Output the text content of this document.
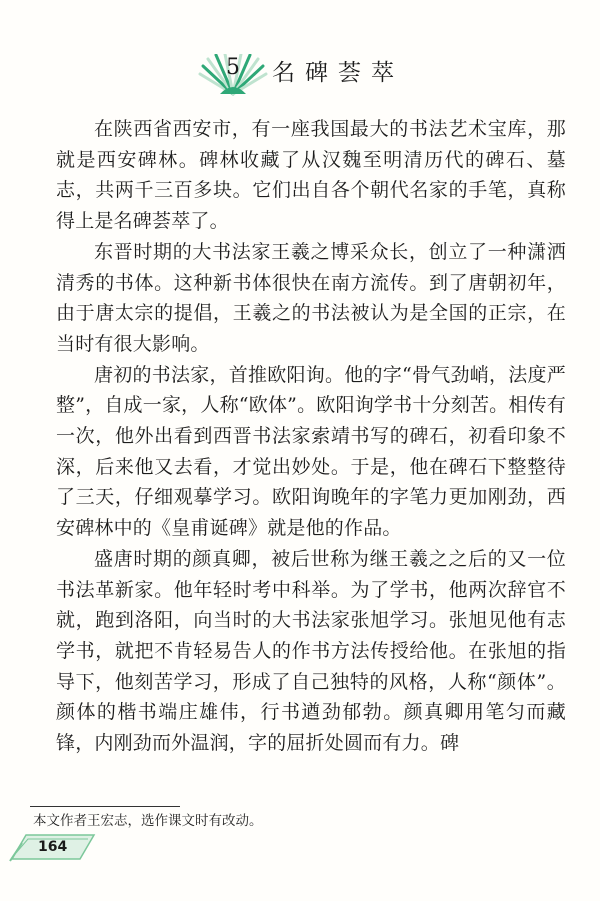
5 名碑荟萃

在陕西省西安市，有一座我国最大的书法艺术宝库，那就是西安碑林。碑林收藏了从汉魏至明清历代的碑石、墓志，共两千三百多块。它们出自各个朝代名家的手笔，真称得上是名碑荟萃了。

东晋时期的大书法家王羲之博采众长，创立了一种潇洒清秀的书体。这种新书体很快在南方流传。到了唐朝初年，由于唐太宗的提倡，王羲之的书法被认为是全国的正宗，在当时有很大影响。

唐初的书法家，首推欧阳询。他的字“骨气劲峭，法度严整”，自成一家，人称“欧体”。欧阳询学书十分刻苦。相传有一次，他外出看到西晋书法家索靖书写的碑石，初看印象不深，后来他又去看，才觉出妙处。于是，他在碑石下整整待了三天，仔细观摹学习。欧阳询晚年的字笔力更加刚劲，西安碑林中的《皇甫诞碑》就是他的作品。

盛唐时期的颜真卿，被后世称为继王羲之之后的又一位书法革新家。他年轻时考中科举。为了学书，他两次辞官不就，跑到洛阳，向当时的大书法家张旭学习。张旭见他有志学书，就把不肯轻易告人的作书方法传授给他。在张旭的指导下，他刻苦学习，形成了自己独特的风格，人称“颜体”。颜体的楷书端庄雄伟，行书遒劲郁勃。颜真卿用笔匀而藏锋，内刚劲而外温润，字的屈折处圆而有力。碑

本文作者王宏志，选作课文时有改动。
164
